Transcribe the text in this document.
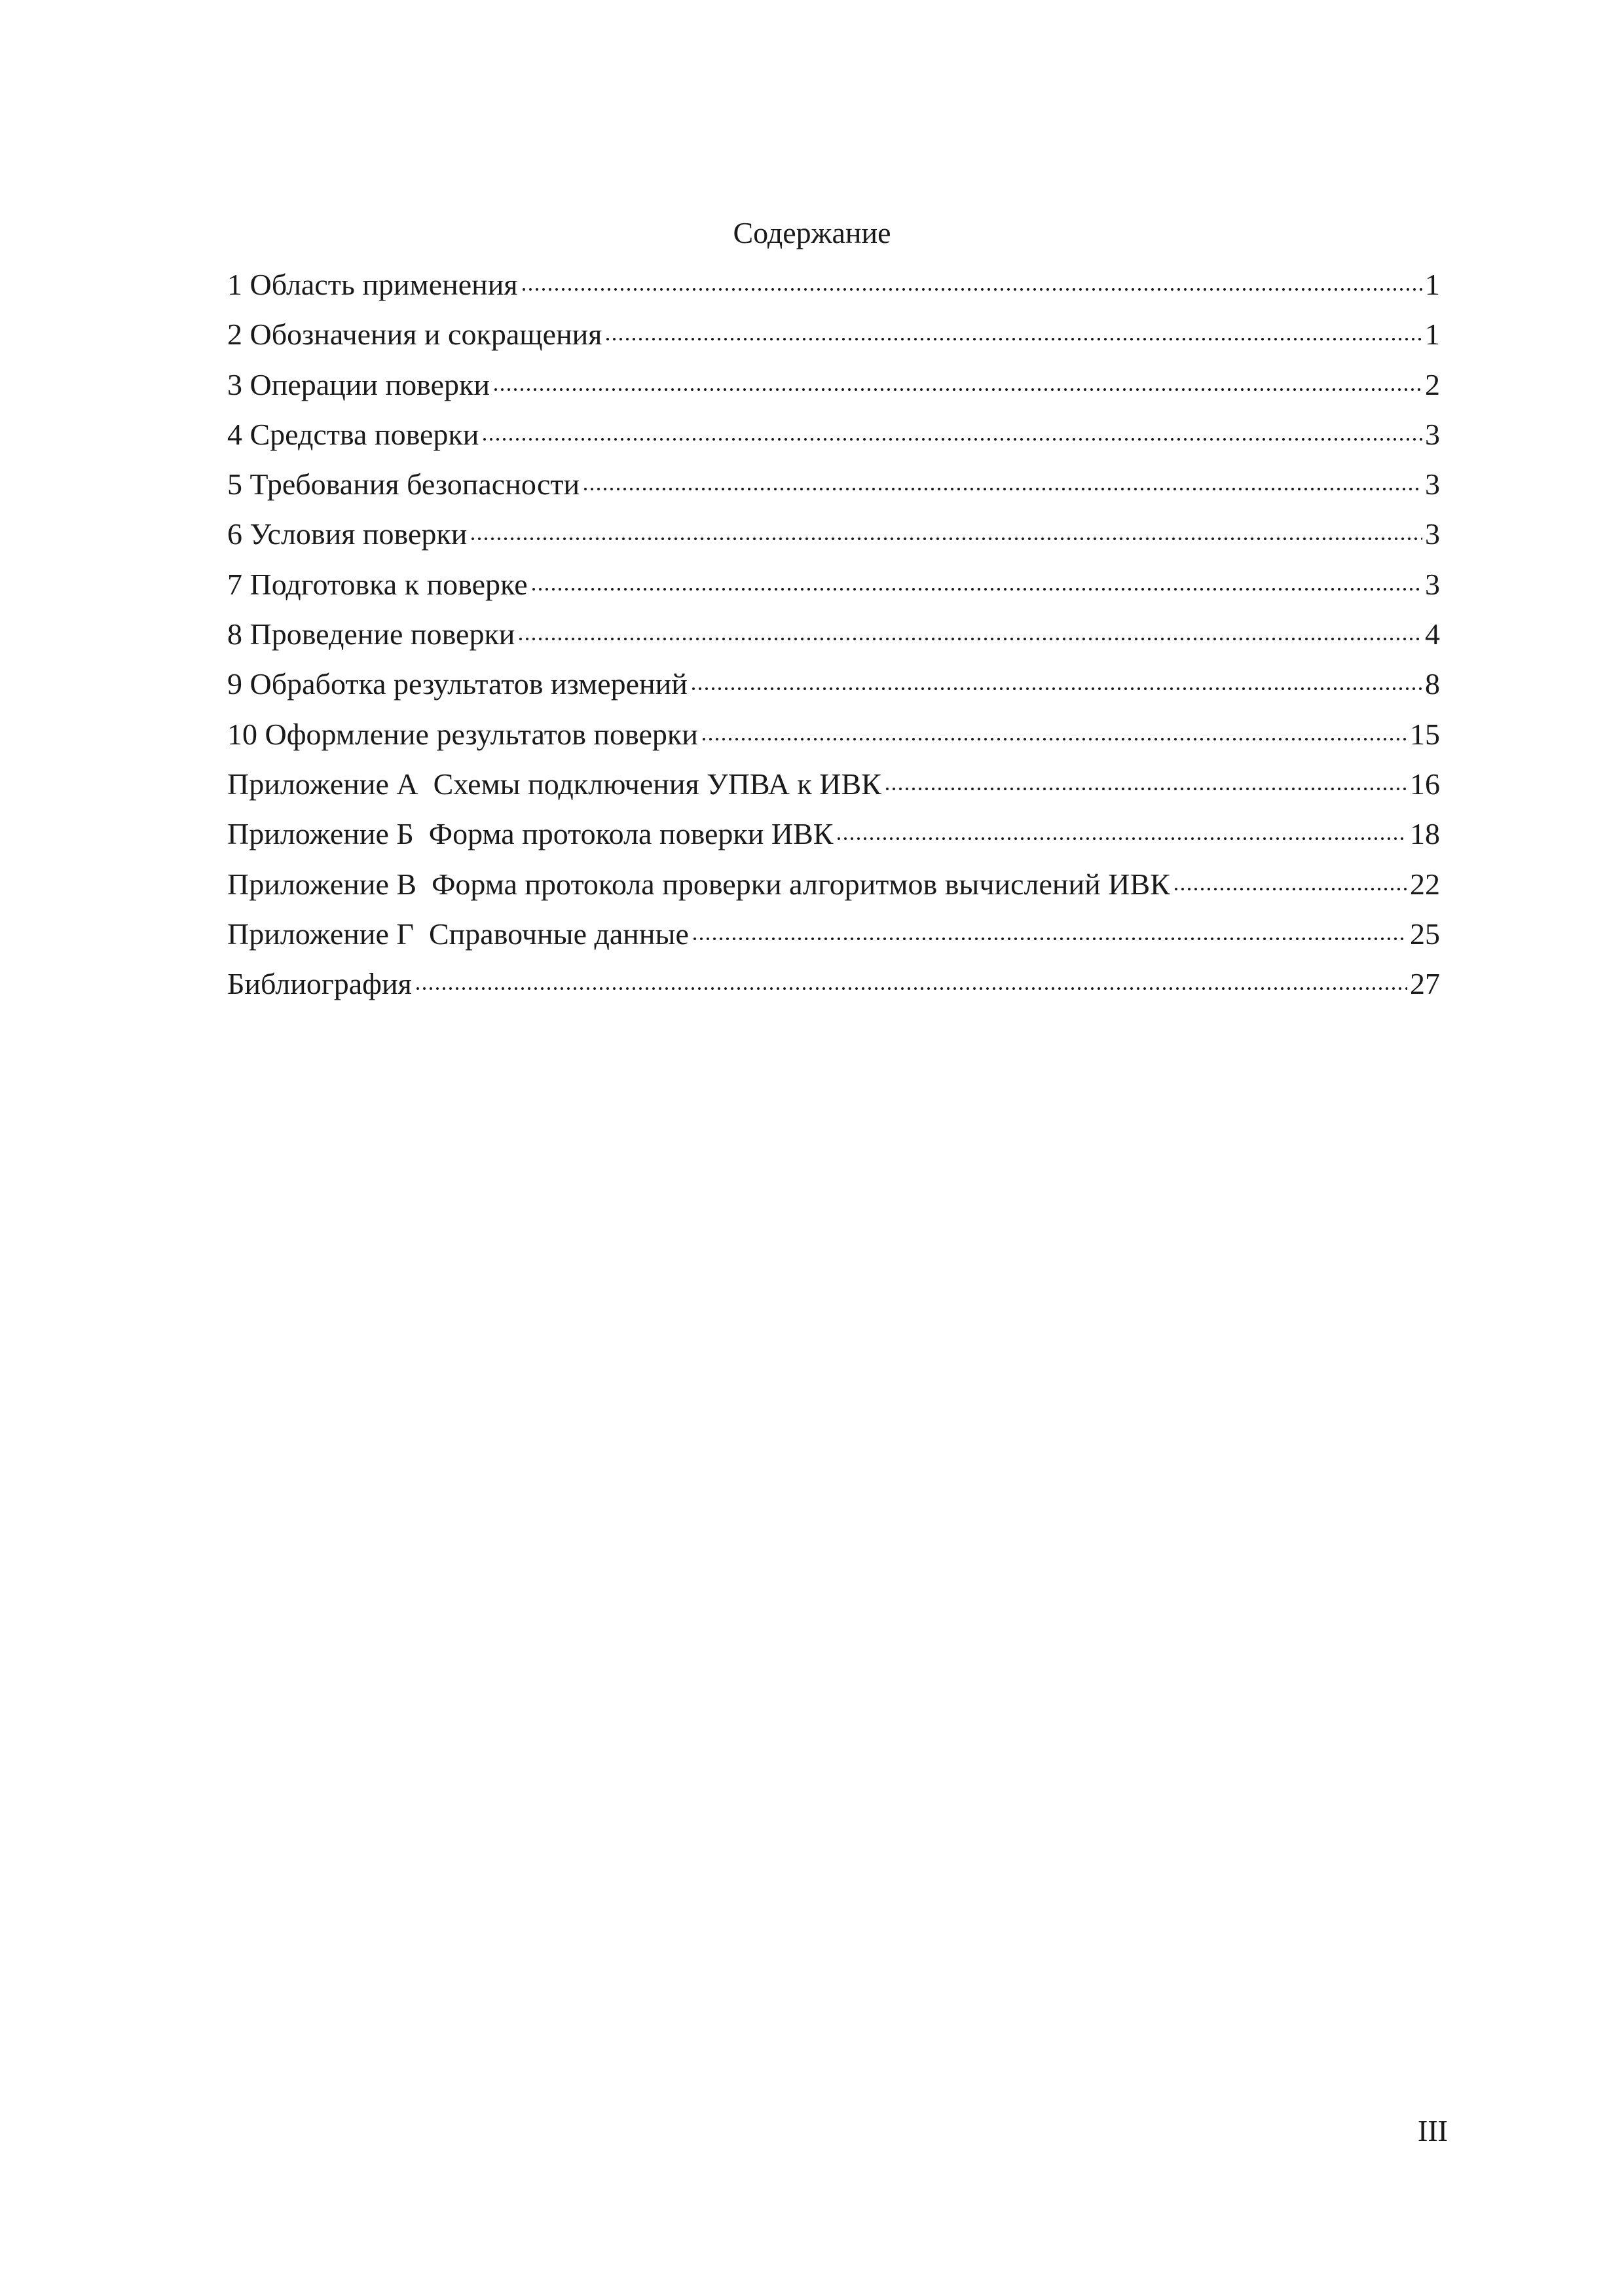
Содержание
1 Область применения	1
2 Обозначения и сокращения	1
3 Операции поверки	2
4 Средства поверки	3
5 Требования безопасности	3
6 Условия поверки	3
7 Подготовка к поверке	3
8 Проведение поверки	4
9 Обработка результатов измерений	8
10 Оформление результатов поверки	15
Приложение А  Схемы подключения УПВА к ИВК	16
Приложение Б  Форма протокола поверки ИВК	18
Приложение В  Форма протокола проверки алгоритмов вычислений ИВК	22
Приложение Г  Справочные данные	25
Библиография	27
III
